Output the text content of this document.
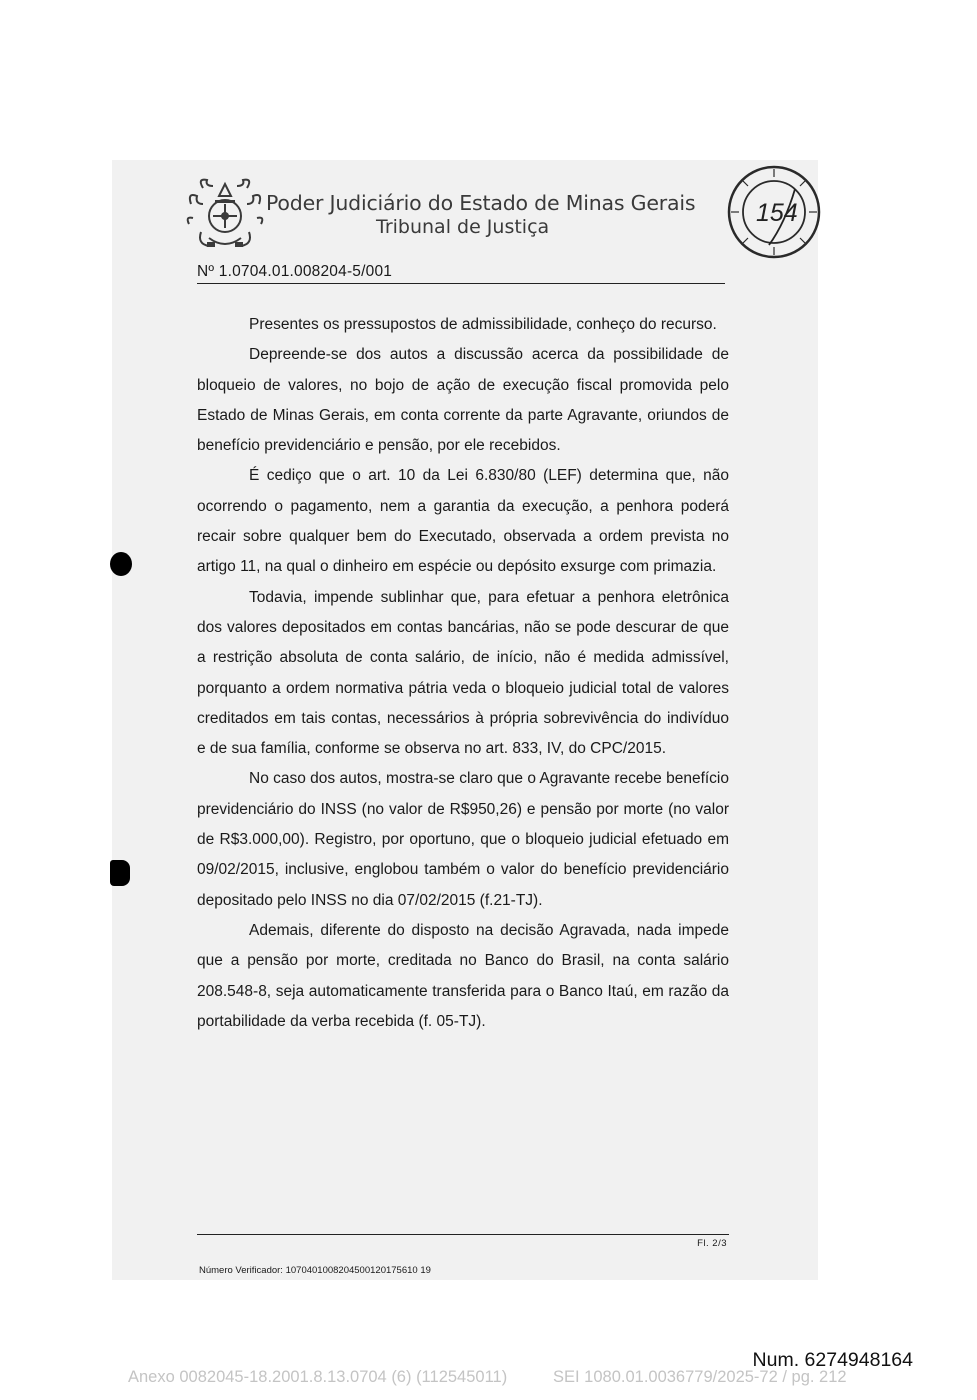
Poder Judiciário do Estado de Minas Gerais
Tribunal de Justiça	154
Nº 1.0704.01.008204-5/001

Presentes os pressupostos de admissibilidade, conheço do recurso.

Depreende-se dos autos a discussão acerca da possibilidade de bloqueio de valores, no bojo de ação de execução fiscal promovida pelo Estado de Minas Gerais, em conta corrente da parte Agravante, oriundos de benefício previdenciário e pensão, por ele recebidos.

É cediço que o art. 10 da Lei 6.830/80 (LEF) determina que, não ocorrendo o pagamento, nem a garantia da execução, a penhora poderá recair sobre qualquer bem do Executado, observada a ordem prevista no artigo 11, na qual o dinheiro em espécie ou depósito exsurge com primazia.

Todavia, impende sublinhar que, para efetuar a penhora eletrônica dos valores depositados em contas bancárias, não se pode descurar de que a restrição absoluta de conta salário, de início, não é medida admissível, porquanto a ordem normativa pátria veda o bloqueio judicial total de valores creditados em tais contas, necessários à própria sobrevivência do indivíduo e de sua família, conforme se observa no art. 833, IV, do CPC/2015.

No caso dos autos, mostra-se claro que o Agravante recebe benefício previdenciário do INSS (no valor de R$950,26) e pensão por morte (no valor de R$3.000,00). Registro, por oportuno, que o bloqueio judicial efetuado em 09/02/2015, inclusive, englobou também o valor do benefício previdenciário depositado pelo INSS no dia 07/02/2015 (f.21-TJ).

Ademais, diferente do disposto na decisão Agravada, nada impede que a pensão por morte, creditada no Banco do Brasil, na conta salário 208.548-8, seja automaticamente transferida para o Banco Itaú, em razão da portabilidade da verba recebida (f. 05-TJ).

Fl. 2/3
Número Verificador: 1070401008204500120175610 19
Num. 6274948164
Anexo 0082045-18.2001.8.13.0704 (6) (112545011)	SEI 1080.01.0036779/2025-72 / pg. 212
